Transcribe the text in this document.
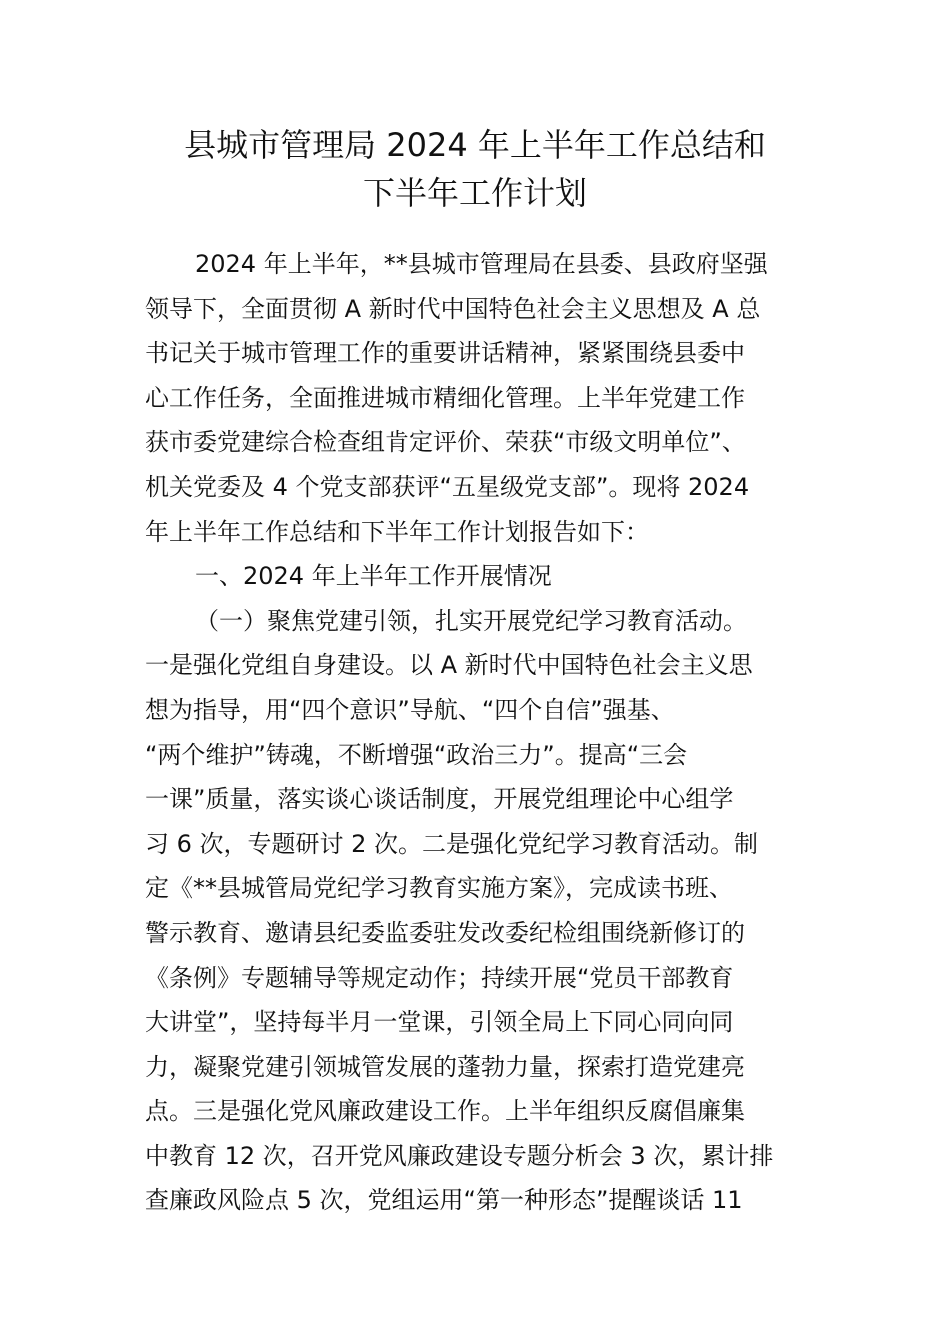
县城市管理局 2024 年上半年工作总结和
下半年工作计划
2024 年上半年，**县城市管理局在县委、县政府坚强
领导下，全面贯彻 A 新时代中国特色社会主义思想及 A 总
书记关于城市管理工作的重要讲话精神，紧紧围绕县委中
心工作任务，全面推进城市精细化管理。上半年党建工作
获市委党建综合检查组肯定评价、荣获“市级文明单位”、
机关党委及 4 个党支部获评“五星级党支部”。现将 2024
年上半年工作总结和下半年工作计划报告如下：
一、2024 年上半年工作开展情况
（一）聚焦党建引领，扎实开展党纪学习教育活动。
一是强化党组自身建设。以 A 新时代中国特色社会主义思
想为指导，用“四个意识”导航、“四个自信”强基、
“两个维护”铸魂，不断增强“政治三力”。提高“三会
一课”质量，落实谈心谈话制度，开展党组理论中心组学
习 6 次，专题研讨 2 次。二是强化党纪学习教育活动。制
定《**县城管局党纪学习教育实施方案》，完成读书班、
警示教育、邀请县纪委监委驻发改委纪检组围绕新修订的
《条例》专题辅导等规定动作；持续开展“党员干部教育
大讲堂”，坚持每半月一堂课，引领全局上下同心同向同
力，凝聚党建引领城管发展的蓬勃力量，探索打造党建亮
点。三是强化党风廉政建设工作。上半年组织反腐倡廉集
中教育 12 次，召开党风廉政建设专题分析会 3 次，累计排
查廉政风险点 5 次，党组运用“第一种形态”提醒谈话 11
